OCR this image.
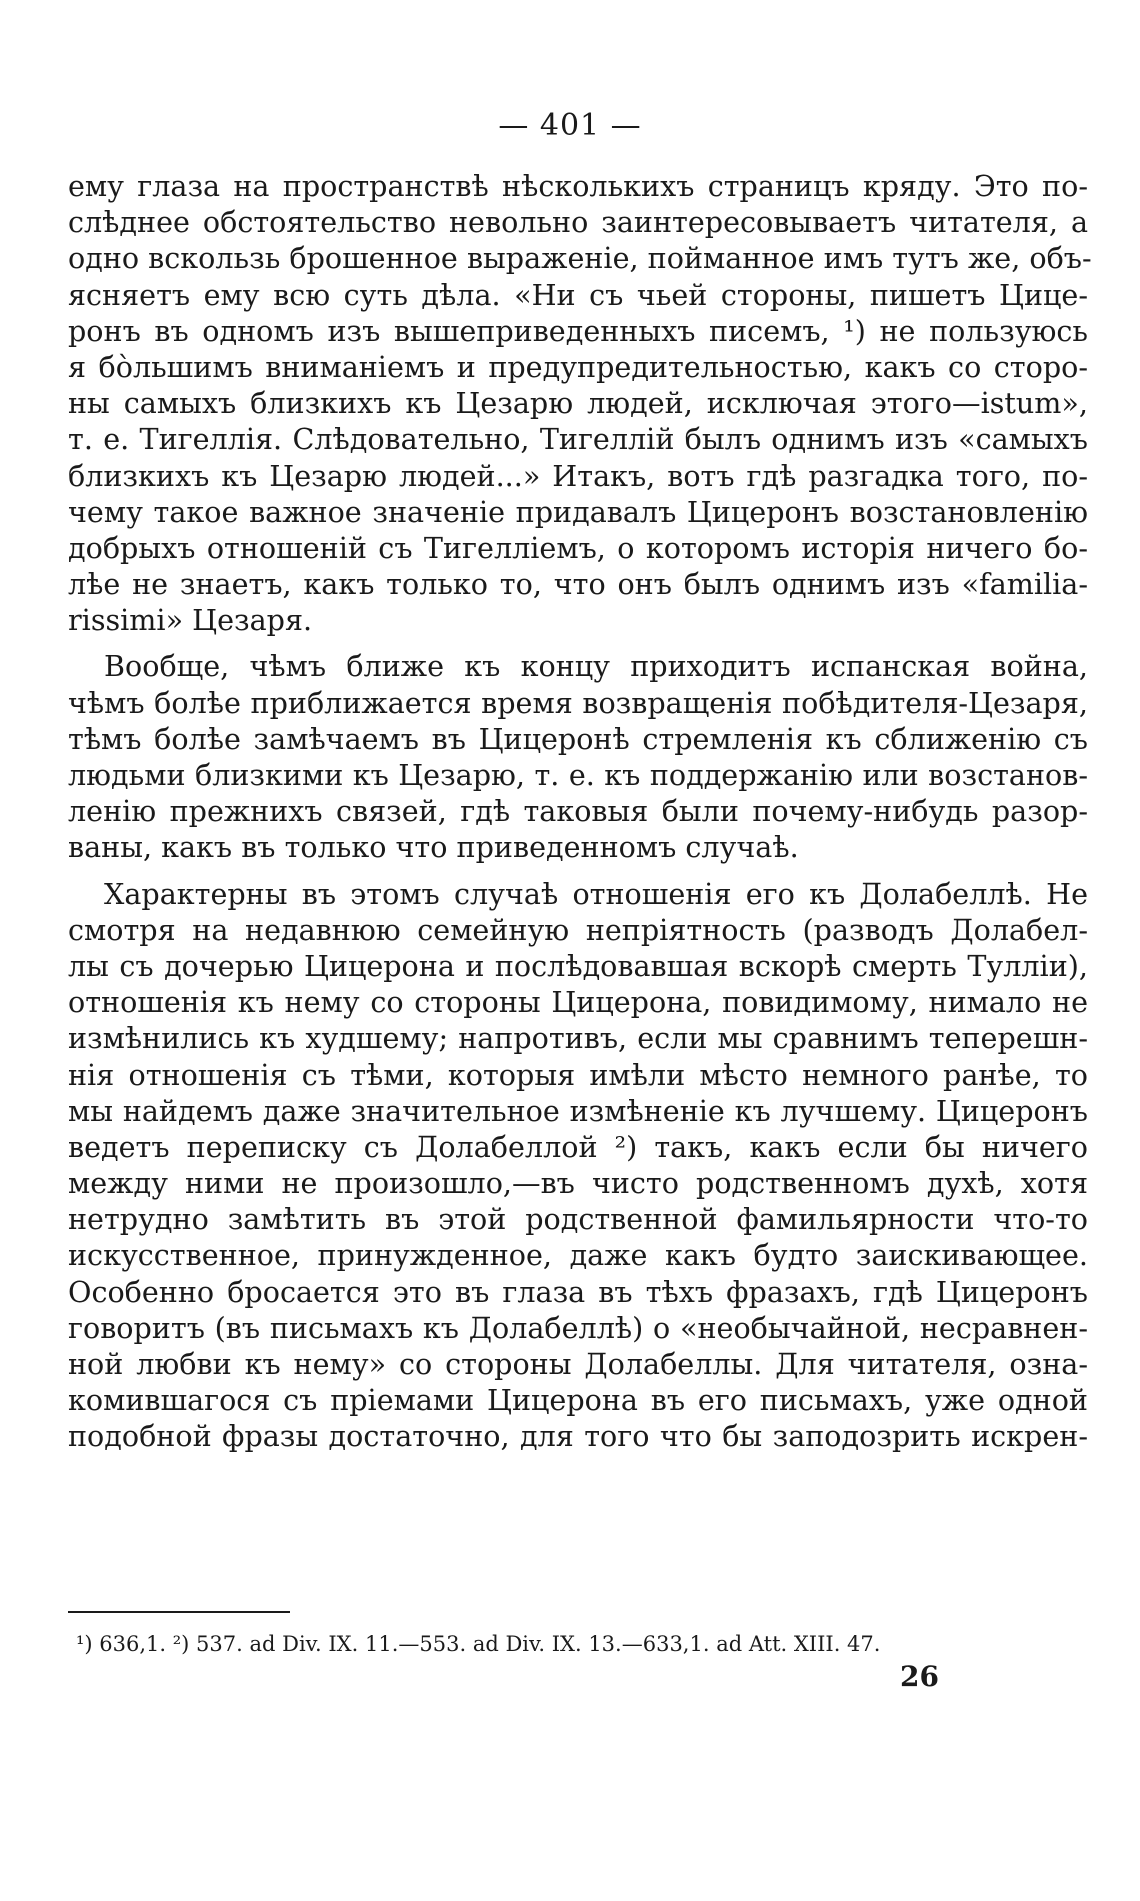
— 401 —
ему глаза на пространствѣ нѣсколькихъ страницъ кряду. Это по-
слѣднее обстоятельство невольно заинтересовываетъ читателя, а
одно вскользь брошенное выраженіе, пойманное имъ тутъ же, объ-
ясняетъ ему всю суть дѣла. «Ни съ чьей стороны, пишетъ Цице-
ронъ въ одномъ изъ вышеприведенныхъ писемъ, ¹) не пользуюсь
я бо̀льшимъ вниманіемъ и предупредительностью, какъ со сторо-
ны самыхъ близкихъ къ Цезарю людей, исключая этого—istum»,
т. е. Тигеллія. Слѣдовательно, Тигеллій былъ однимъ изъ «самыхъ
близкихъ къ Цезарю людей...» Итакъ, вотъ гдѣ разгадка того, по-
чему такое важное значеніе придавалъ Цицеронъ возстановленію
добрыхъ отношеній съ Тигелліемъ, о которомъ исторія ничего бо-
лѣе не знаетъ, какъ только то, что онъ былъ однимъ изъ «familia-
rissimi» Цезаря.
Вообще, чѣмъ ближе къ концу приходитъ испанская война,
чѣмъ болѣе приближается время возвращенія побѣдителя-Цезаря,
тѣмъ болѣе замѣчаемъ въ Цицеронѣ стремленія къ сближенію съ
людьми близкими къ Цезарю, т. е. къ поддержанію или возстанов-
ленію прежнихъ связей, гдѣ таковыя были почему-нибудь разор-
ваны, какъ въ только что приведенномъ случаѣ.
Характерны въ этомъ случаѣ отношенія его къ Долабеллѣ. Не
смотря на недавнюю семейную непріятность (разводъ Долабел-
лы съ дочерью Цицерона и послѣдовавшая вскорѣ смерть Тулліи),
отношенія къ нему со стороны Цицерона, повидимому, нимало не
измѣнились къ худшему; напротивъ, если мы сравнимъ теперешн-
нія отношенія съ тѣми, которыя имѣли мѣсто немного ранѣе, то
мы найдемъ даже значительное измѣненіе къ лучшему. Цицеронъ
ведетъ переписку съ Долабеллой ²) такъ, какъ если бы ничего
между ними не произошло,—въ чисто родственномъ духѣ, хотя
нетрудно замѣтить въ этой родственной фамильярности что-то
искусственное, принужденное, даже какъ будто заискивающее.
Особенно бросается это въ глаза въ тѣхъ фразахъ, гдѣ Цицеронъ
говоритъ (въ письмахъ къ Долабеллѣ) о «необычайной, несравнен-
ной любви къ нему» со стороны Долабеллы. Для читателя, озна-
комившагося съ пріемами Цицерона въ его письмахъ, уже одной
подобной фразы достаточно, для того что бы заподозрить искрен-
¹) 636,1. ²) 537. ad Div. IX. 11.—553. ad Div. IX. 13.—633,1. ad Att. XIII. 47.
26
